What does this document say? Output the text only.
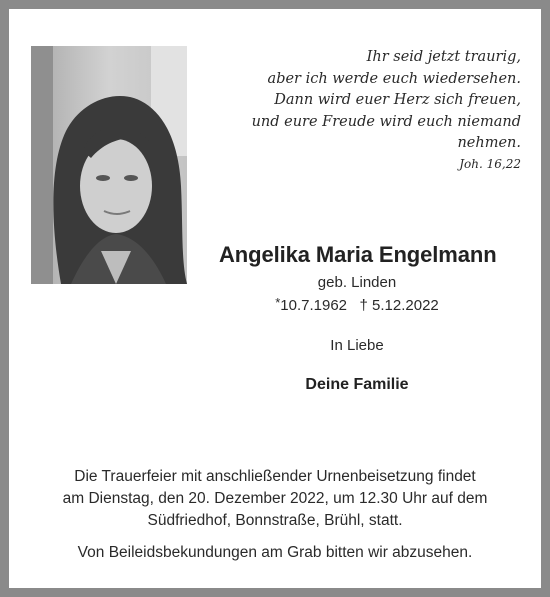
Ihr seid jetzt traurig,
aber ich werde euch wiedersehen.
Dann wird euer Herz sich freuen,
und eure Freude wird euch niemand nehmen.
Joh. 16,22
Angelika Maria Engelmann
geb. Linden
*10.7.1962 † 5.12.2022
In Liebe
Deine Familie
Die Trauerfeier mit anschließender Urnenbeisetzung findet
am Dienstag, den 20. Dezember 2022, um 12.30 Uhr auf dem
Südfriedhof, Bonnstraße, Brühl, statt.
Von Beileidsbekundungen am Grab bitten wir abzusehen.
